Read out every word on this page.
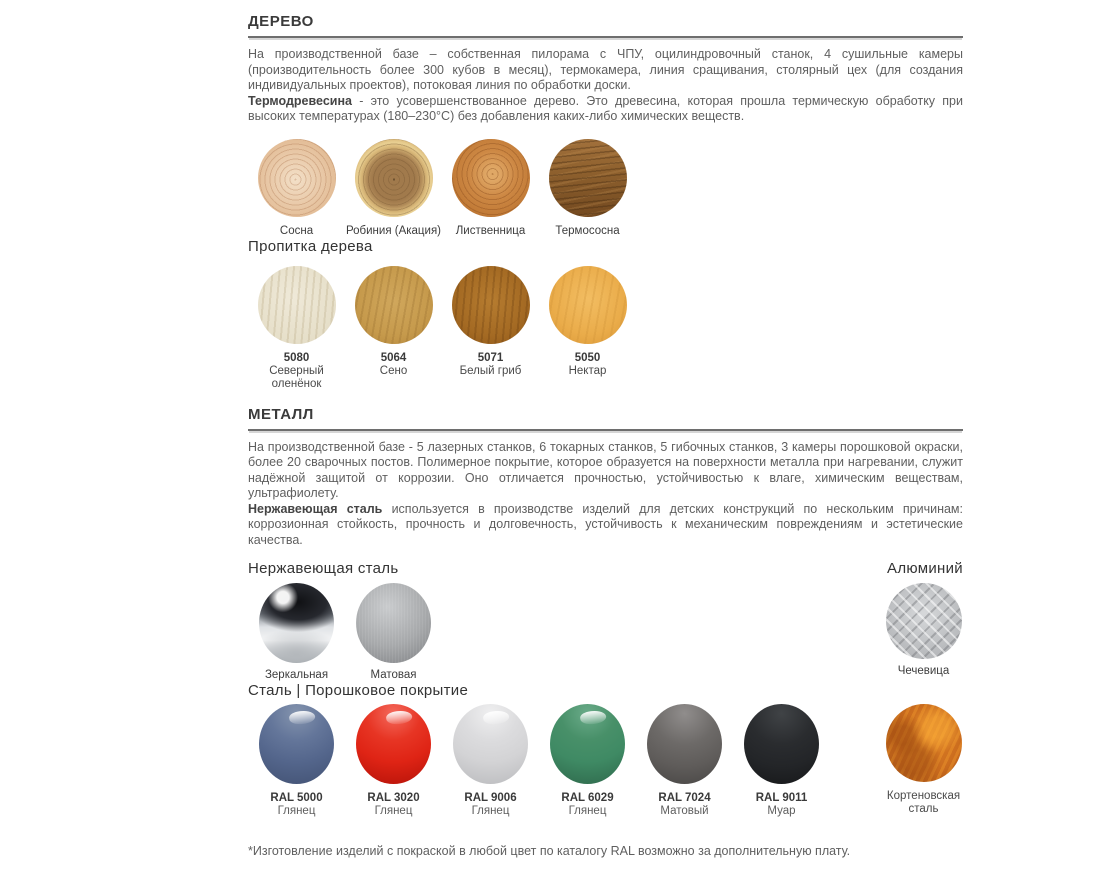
ДЕРЕВО

На производственной базе – собственная пилорама с ЧПУ, оцилиндровочный станок, 4 сушильные камеры (производительность более 300 кубов в месяц), термокамера, линия сращивания, столярный цех (для создания индивидуальных проектов), потоковая линия по обработки доски.
Термодревесина - это усовершенствованное дерево. Это древесина, которая прошла термическую обработку при высоких температурах (180–230°С) без добавления каких-либо химических веществ.

Сосна	Робиния (Акация) Лиственница	Термососна
Пропитка дерева
5080
Северный оленёнок
5064
Сено
5071
Белый гриб
5050
Нектар
МЕТАЛЛ

На производственной базе - 5 лазерных станков, 6 токарных станков, 5 гибочных станков, 3 камеры порошковой окраски, более 20 сварочных постов. Полимерное покрытие, которое образуется на поверхности металла при нагревании, служит надёжной защитой от коррозии. Оно отличается прочностью, устойчивостью к влаге, химическим веществам, ультрафиолету.
Нержавеющая сталь используется в производстве изделий для детских конструкций по нескольким причинам: коррозионная стойкость, прочность и долговечность, устойчивость к механическим повреждениям и эстетические качества.

Нержавеющая сталь	Алюминий
Зеркальная	Матовая	Чечевица
Сталь | Порошковое покрытие
RAL 5000
Глянец
RAL 3020
Глянец
RAL 9006
Глянец
RAL 6029
Глянец
RAL 7024
Матовый
RAL 9011
Муар
Кортеновская сталь

*Изготовление изделий с покраской в любой цвет по каталогу RAL возможно за дополнительную плату.
